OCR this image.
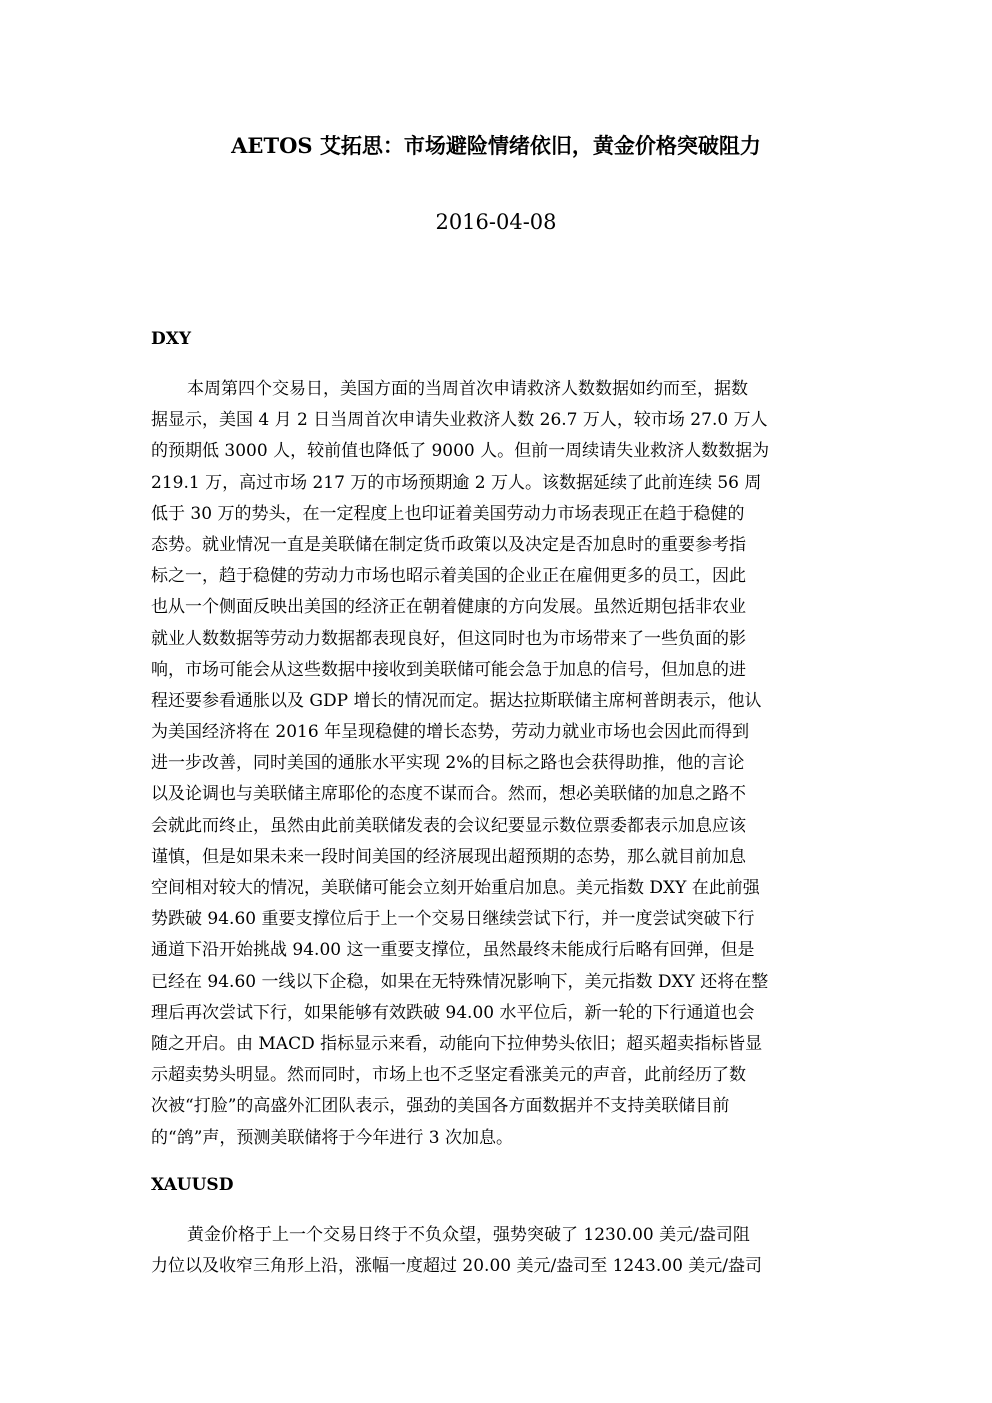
AETOS 艾拓思：市场避险情绪依旧，黄金价格突破阻力
2016-04-08
DXY
本周第四个交易日，美国方面的当周首次申请救济人数数据如约而至，据数
据显示，美国 4 月 2 日当周首次申请失业救济人数 26.7 万人，较市场 27.0 万人
的预期低 3000 人，较前值也降低了 9000 人。但前一周续请失业救济人数数据为
219.1 万，高过市场 217 万的市场预期逾 2 万人。该数据延续了此前连续 56 周
低于 30 万的势头，在一定程度上也印证着美国劳动力市场表现正在趋于稳健的
态势。就业情况一直是美联储在制定货币政策以及决定是否加息时的重要参考指
标之一，趋于稳健的劳动力市场也昭示着美国的企业正在雇佣更多的员工，因此
也从一个侧面反映出美国的经济正在朝着健康的方向发展。虽然近期包括非农业
就业人数数据等劳动力数据都表现良好，但这同时也为市场带来了一些负面的影
响，市场可能会从这些数据中接收到美联储可能会急于加息的信号，但加息的进
程还要参看通胀以及 GDP 增长的情况而定。据达拉斯联储主席柯普朗表示，他认
为美国经济将在 2016 年呈现稳健的增长态势，劳动力就业市场也会因此而得到
进一步改善，同时美国的通胀水平实现 2%的目标之路也会获得助推，他的言论
以及论调也与美联储主席耶伦的态度不谋而合。然而，想必美联储的加息之路不
会就此而终止，虽然由此前美联储发表的会议纪要显示数位票委都表示加息应该
谨慎，但是如果未来一段时间美国的经济展现出超预期的态势，那么就目前加息
空间相对较大的情况，美联储可能会立刻开始重启加息。美元指数 DXY 在此前强
势跌破 94.60 重要支撑位后于上一个交易日继续尝试下行，并一度尝试突破下行
通道下沿开始挑战 94.00 这一重要支撑位，虽然最终未能成行后略有回弹，但是
已经在 94.60 一线以下企稳，如果在无特殊情况影响下，美元指数 DXY 还将在整
理后再次尝试下行，如果能够有效跌破 94.00 水平位后，新一轮的下行通道也会
随之开启。由 MACD 指标显示来看，动能向下拉伸势头依旧；超买超卖指标皆显
示超卖势头明显。然而同时，市场上也不乏坚定看涨美元的声音，此前经历了数
次被“打脸”的高盛外汇团队表示，强劲的美国各方面数据并不支持美联储目前
的“鸽”声，预测美联储将于今年进行 3 次加息。
XAUUSD
黄金价格于上一个交易日终于不负众望，强势突破了 1230.00 美元/盎司阻
力位以及收窄三角形上沿，涨幅一度超过 20.00 美元/盎司至 1243.00 美元/盎司
